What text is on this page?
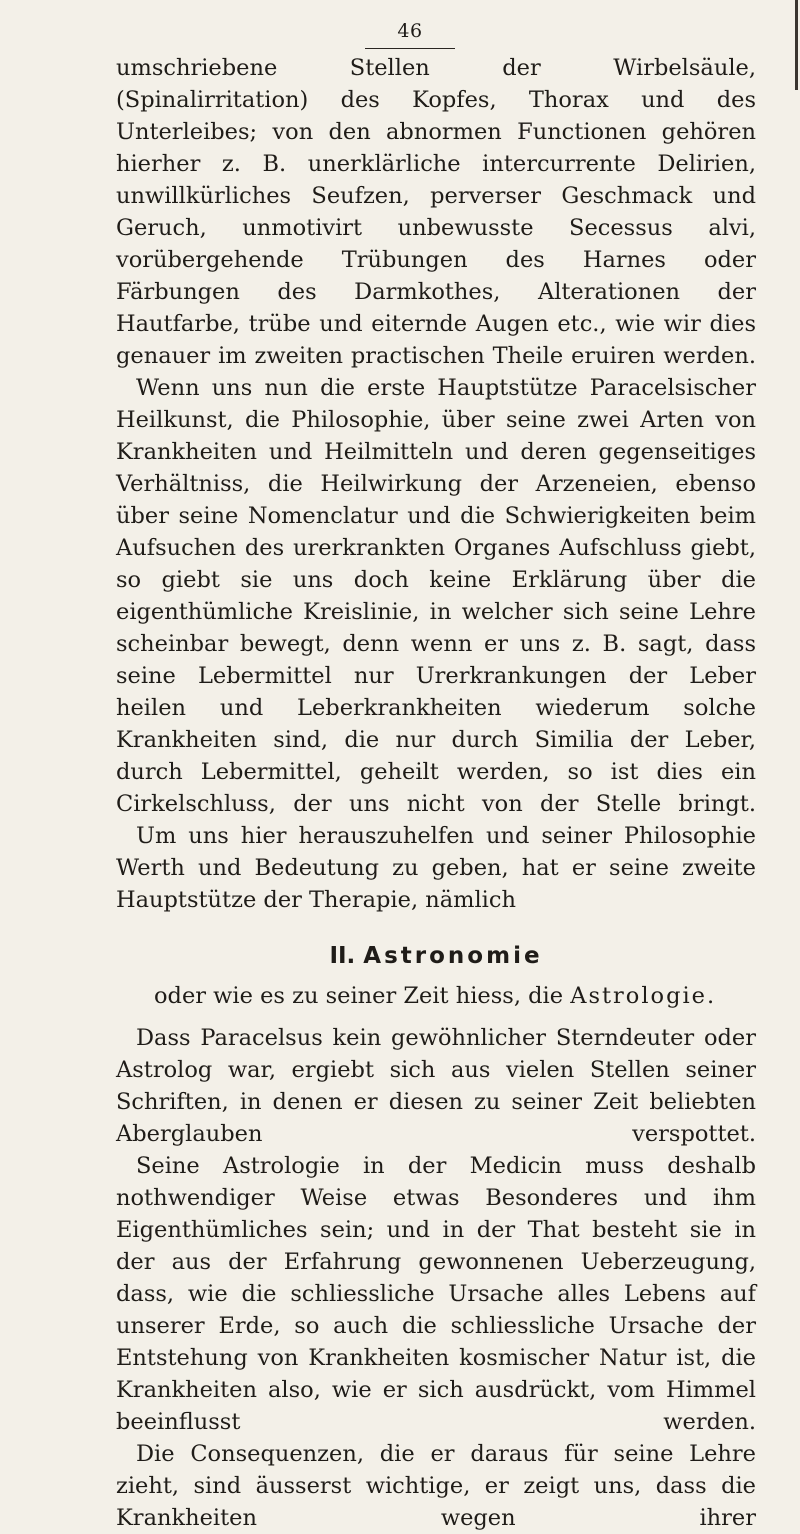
46

umschriebene Stellen der Wirbelsäule, (Spinalirritation) des Kopfes, Thorax und des Unterleibes; von den abnormen Functionen gehören hierher z. B. unerklärliche intercurrente Delirien, unwillkürliches Seufzen, perverser Geschmack und Geruch, unmotivirt unbewusste Secessus alvi, vorübergehende Trübungen des Harnes oder Färbungen des Darmkothes, Alterationen der Hautfarbe, trübe und eiternde Augen etc., wie wir dies genauer im zweiten practischen Theile eruiren werden.

Wenn uns nun die erste Hauptstütze Paracelsischer Heilkunst, die Philosophie, über seine zwei Arten von Krankheiten und Heilmitteln und deren gegenseitiges Verhältniss, die Heilwirkung der Arzeneien, ebenso über seine Nomenclatur und die Schwierigkeiten beim Aufsuchen des urerkrankten Organes Aufschluss giebt, so giebt sie uns doch keine Erklärung über die eigenthümliche Kreislinie, in welcher sich seine Lehre scheinbar bewegt, denn wenn er uns z. B. sagt, dass seine Lebermittel nur Urerkrankungen der Leber heilen und Leberkrankheiten wiederum solche Krankheiten sind, die nur durch Similia der Leber, durch Lebermittel, geheilt werden, so ist dies ein Cirkelschluss, der uns nicht von der Stelle bringt.

Um uns hier herauszuhelfen und seiner Philosophie Werth und Bedeutung zu geben, hat er seine zweite Hauptstütze der Therapie, nämlich

II. Astronomie

oder wie es zu seiner Zeit hiess, die Astrologie.

Dass Paracelsus kein gewöhnlicher Sterndeuter oder Astrolog war, ergiebt sich aus vielen Stellen seiner Schriften, in denen er diesen zu seiner Zeit beliebten Aberglauben verspottet.

Seine Astrologie in der Medicin muss deshalb nothwendiger Weise etwas Besonderes und ihm Eigenthümliches sein; und in der That besteht sie in der aus der Erfahrung gewonnenen Ueberzeugung, dass, wie die schliessliche Ursache alles Lebens auf unserer Erde, so auch die schliessliche Ursache der Entstehung von Krankheiten kosmischer Natur ist, die Krankheiten also, wie er sich ausdrückt, vom Himmel beeinflusst werden.

Die Consequenzen, die er daraus für seine Lehre zieht, sind äusserst wichtige, er zeigt uns, dass die Krankheiten wegen ihrer
